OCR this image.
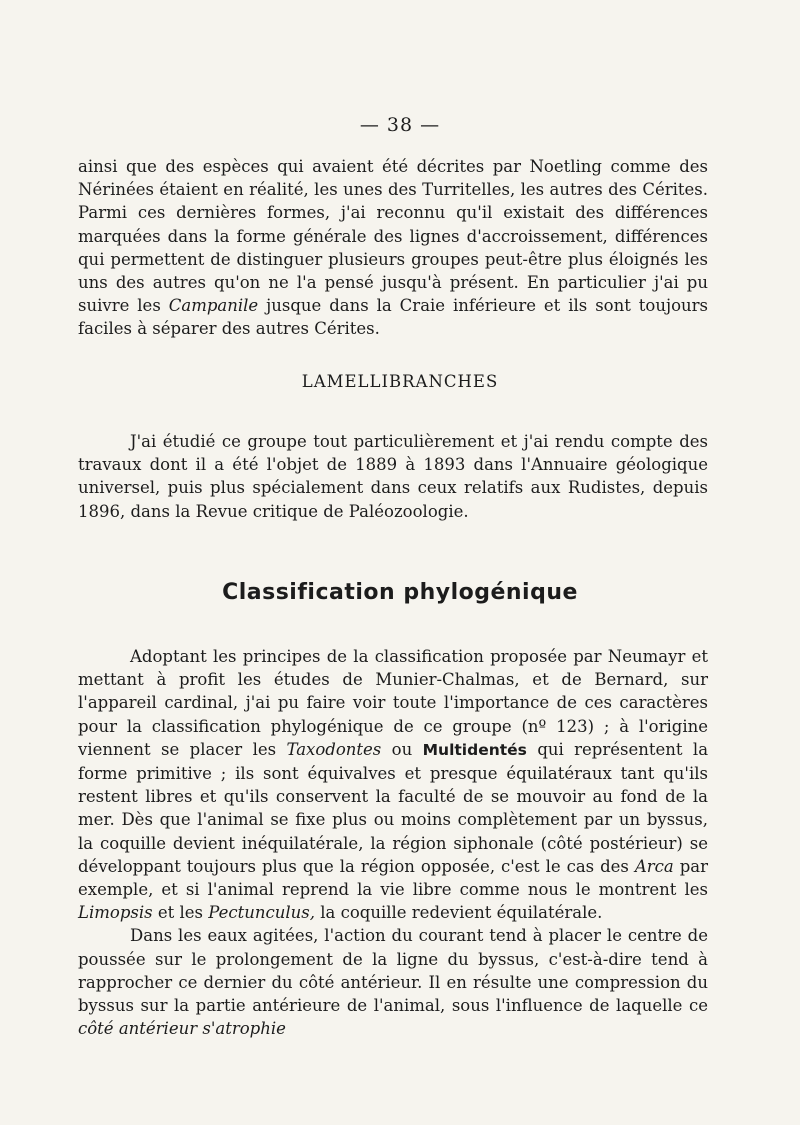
— 38 —

ainsi que des espèces qui avaient été décrites par Noetling comme des Nérinées étaient en réalité, les unes des Turritelles, les autres des Cérites. Parmi ces dernières formes, j'ai reconnu qu'il existait des différences marquées dans la forme générale des lignes d'accroissement, différences qui permettent de distinguer plusieurs groupes peut-être plus éloignés les uns des autres qu'on ne l'a pensé jusqu'à présent. En particulier j'ai pu suivre les Campanile jusque dans la Craie inférieure et ils sont toujours faciles à séparer des autres Cérites.

LAMELLIBRANCHES

J'ai étudié ce groupe tout particulièrement et j'ai rendu compte des travaux dont il a été l'objet de 1889 à 1893 dans l'Annuaire géologique universel, puis plus spécialement dans ceux relatifs aux Rudistes, depuis 1896, dans la Revue critique de Paléozoologie.

Classification phylogénique

Adoptant les principes de la classification proposée par Neumayr et mettant à profit les études de Munier-Chalmas, et de Bernard, sur l'appareil cardinal, j'ai pu faire voir toute l'importance de ces caractères pour la classification phylogénique de ce groupe (nº 123) ; à l'origine viennent se placer les Taxodontes ou Multidentés qui représentent la forme primitive ; ils sont équivalves et presque équilatéraux tant qu'ils restent libres et qu'ils conservent la faculté de se mouvoir au fond de la mer. Dès que l'animal se fixe plus ou moins complètement par un byssus, la coquille devient inéquilatérale, la région siphonale (côté postérieur) se développant toujours plus que la région opposée, c'est le cas des Arca par exemple, et si l'animal reprend la vie libre comme nous le montrent les Limopsis et les Pectunculus, la coquille redevient équilatérale.

Dans les eaux agitées, l'action du courant tend à placer le centre de poussée sur le prolongement de la ligne du byssus, c'est-à-dire tend à rapprocher ce dernier du côté antérieur. Il en résulte une compression du byssus sur la partie antérieure de l'animal, sous l'influence de laquelle ce côté antérieur s'atrophie
